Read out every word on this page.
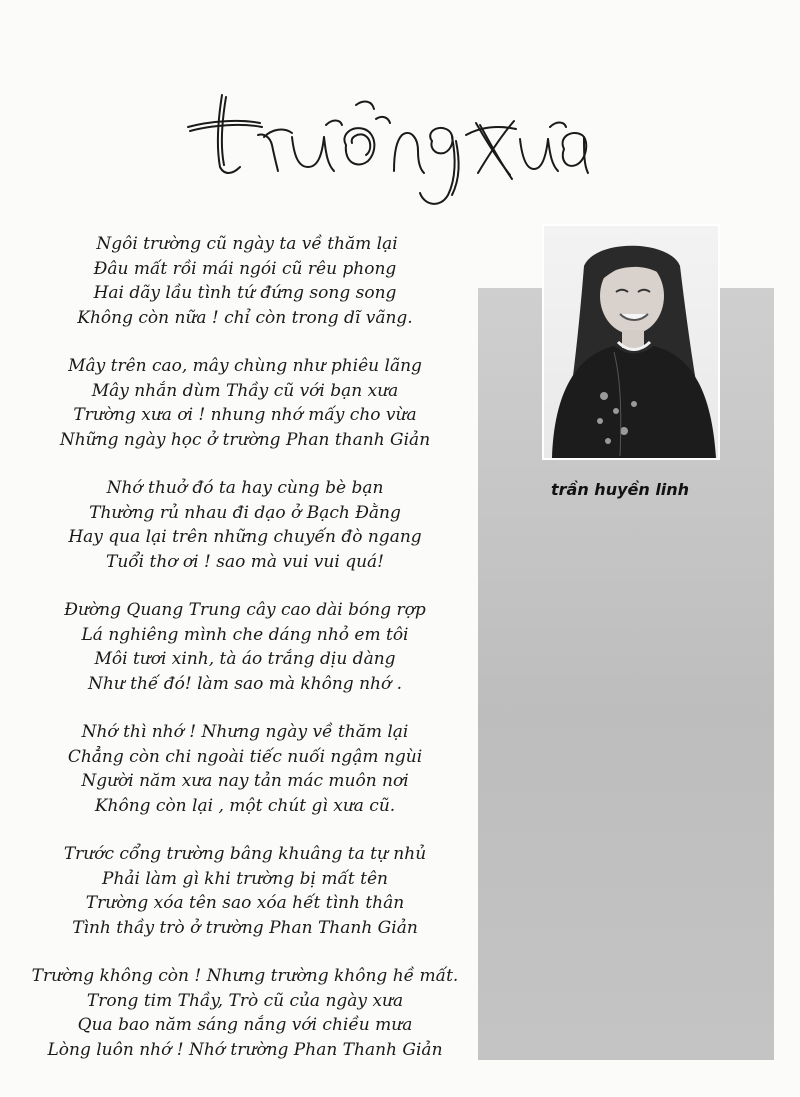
Ngôi trường cũ ngày ta về thăm lại
Đâu mất rồi mái ngói cũ rêu phong
Hai dãy lầu tình tứ đứng song song
Không còn nữa ! chỉ còn trong dĩ vãng.
Mây trên cao, mây chùng như phiêu lãng
Mây nhắn dùm Thầy cũ với bạn xưa
Trường xưa ơi ! nhung nhớ mấy cho vừa
Những ngày học ở trường Phan thanh Giản
Nhớ thuở đó ta hay cùng bè bạn
Thường rủ nhau đi dạo ở Bạch Đằng
Hay qua lại trên những chuyến đò ngang
Tuổi thơ ơi ! sao mà vui vui quá!
Đường Quang Trung cây cao dài bóng rợp
Lá nghiêng mình che dáng nhỏ em tôi
Môi tươi xinh, tà áo trắng dịu dàng
Như thế đó! làm sao mà không nhớ .
Nhớ thì nhớ ! Nhưng ngày về thăm lại
Chẳng còn chi ngoài tiếc nuối ngậm ngùi
Người năm xưa nay tản mác muôn nơi
Không còn lại , một chút gì xưa cũ.
Trước cổng trường bâng khuâng ta tự nhủ
Phải làm gì khi trường bị mất tên
Trường xóa tên sao xóa hết tình thân
Tình thầy trò ở trường Phan Thanh Giản
Trường không còn ! Nhưng trường không hề mất.
Trong tim Thầy, Trò cũ của ngày xưa
Qua bao năm sáng nắng với chiều mưa
Lòng luôn nhớ ! Nhớ trường Phan Thanh Giản
trần huyền linh
